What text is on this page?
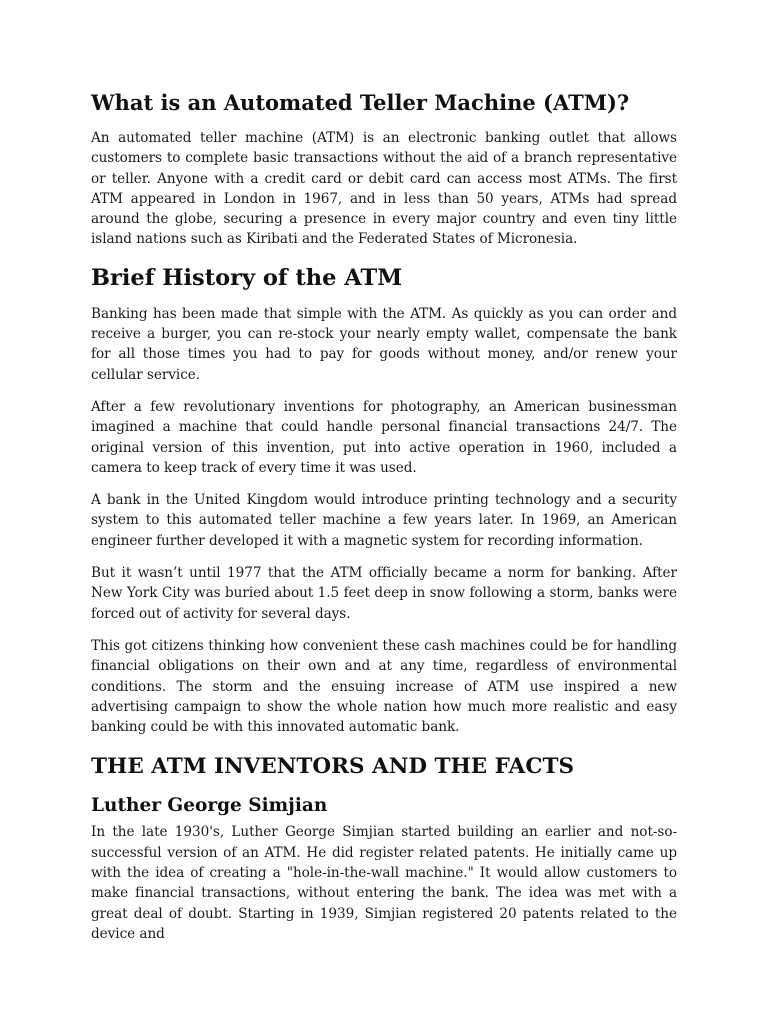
What is an Automated Teller Machine (ATM)?

An automated teller machine (ATM) is an electronic banking outlet that allows customers to complete basic transactions without the aid of a branch representative or teller. Anyone with a credit card or debit card can access most ATMs. The first ATM appeared in London in 1967, and in less than 50 years, ATMs had spread around the globe, securing a presence in every major country and even tiny little island nations such as Kiribati and the Federated States of Micronesia.

Brief History of the ATM

Banking has been made that simple with the ATM. As quickly as you can order and receive a burger, you can re-stock your nearly empty wallet, compensate the bank for all those times you had to pay for goods without money, and/or renew your cellular service.

After a few revolutionary inventions for photography, an American businessman imagined a machine that could handle personal financial transactions 24/7. The original version of this invention, put into active operation in 1960, included a camera to keep track of every time it was used.

A bank in the United Kingdom would introduce printing technology and a security system to this automated teller machine a few years later. In 1969, an American engineer further developed it with a magnetic system for recording information.

But it wasn’t until 1977 that the ATM officially became a norm for banking. After New York City was buried about 1.5 feet deep in snow following a storm, banks were forced out of activity for several days.

This got citizens thinking how convenient these cash machines could be for handling financial obligations on their own and at any time, regardless of environmental conditions. The storm and the ensuing increase of ATM use inspired a new advertising campaign to show the whole nation how much more realistic and easy banking could be with this innovated automatic bank.

THE ATM INVENTORS AND THE FACTS
Luther George Simjian

In the late 1930's, Luther George Simjian started building an earlier and not-so-successful version of an ATM. He did register related patents. He initially came up with the idea of creating a "hole-in-the-wall machine." It would allow customers to make financial transactions, without entering the bank. The idea was met with a great deal of doubt. Starting in 1939, Simjian registered 20 patents related to the device and
